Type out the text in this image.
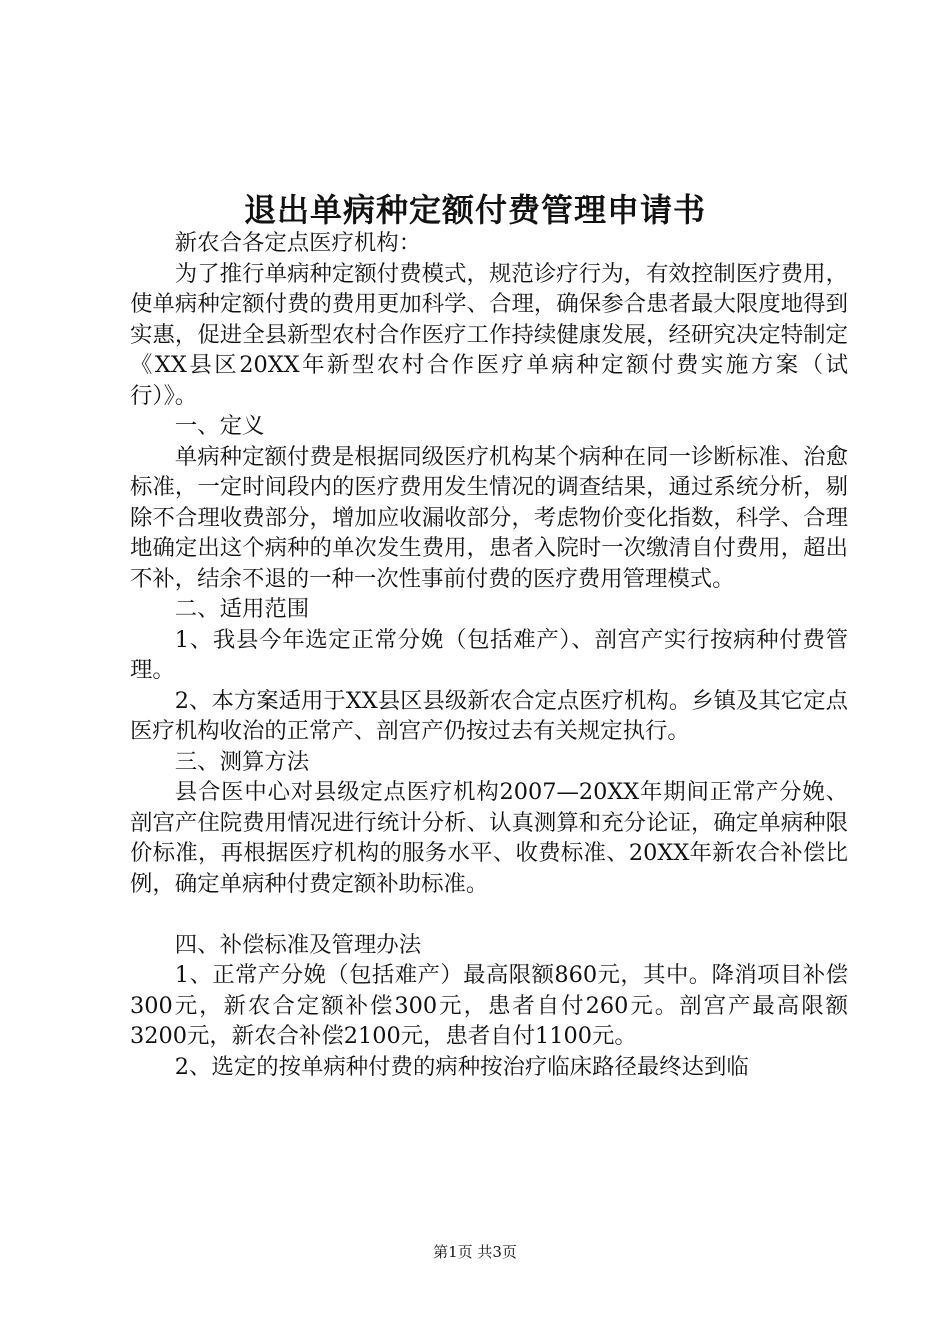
退出单病种定额付费管理申请书

新农合各定点医疗机构：

为了推行单病种定额付费模式，规范诊疗行为，有效控制医疗费用，使单病种定额付费的费用更加科学、合理，确保参合患者最大限度地得到实惠，促进全县新型农村合作医疗工作持续健康发展，经研究决定特制定《XX县区20XX年新型农村合作医疗单病种定额付费实施方案（试行）》。

一、定义

单病种定额付费是根据同级医疗机构某个病种在同一诊断标准、治愈标准，一定时间段内的医疗费用发生情况的调查结果，通过系统分析，剔除不合理收费部分，增加应收漏收部分，考虑物价变化指数，科学、合理地确定出这个病种的单次发生费用，患者入院时一次缴清自付费用，超出不补，结余不退的一种一次性事前付费的医疗费用管理模式。

二、适用范围

1、我县今年选定正常分娩（包括难产）、剖宫产实行按病种付费管理。

2、本方案适用于XX县区县级新农合定点医疗机构。乡镇及其它定点医疗机构收治的正常产、剖宫产仍按过去有关规定执行。

三、测算方法

县合医中心对县级定点医疗机构2007—20XX年期间正常产分娩、剖宫产住院费用情况进行统计分析、认真测算和充分论证，确定单病种限价标准，再根据医疗机构的服务水平、收费标准、20XX年新农合补偿比例，确定单病种付费定额补助标准。

四、补偿标准及管理办法

1、正常产分娩（包括难产）最高限额860元，其中。降消项目补偿300元，新农合定额补偿300元，患者自付260元。剖宫产最高限额3200元，新农合补偿2100元，患者自付1100元。

2、选定的按单病种付费的病种按治疗临床路径最终达到临

第1页 共3页
